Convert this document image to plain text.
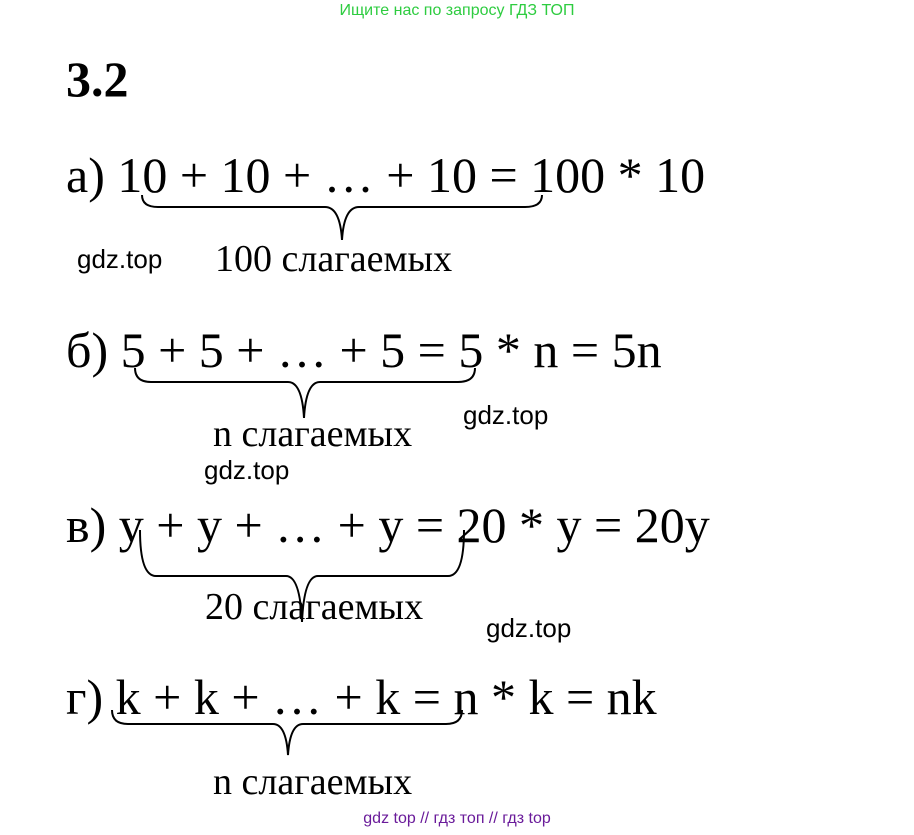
Ищите нас по запросу ГДЗ ТОП
3.2
а) 10 + 10 + … + 10 = 100 * 10
100 слагаемых
gdz.top
б) 5 + 5 + … + 5 = 5 * n = 5n
n слагаемых gdz.top
gdz.top
в) y + y + … + y = 20 * y = 20y
20 слагаемых gdz.top
г) k + k + … + k = n * k = nk
n слагаемых
gdz top // гдз топ // гдз top
